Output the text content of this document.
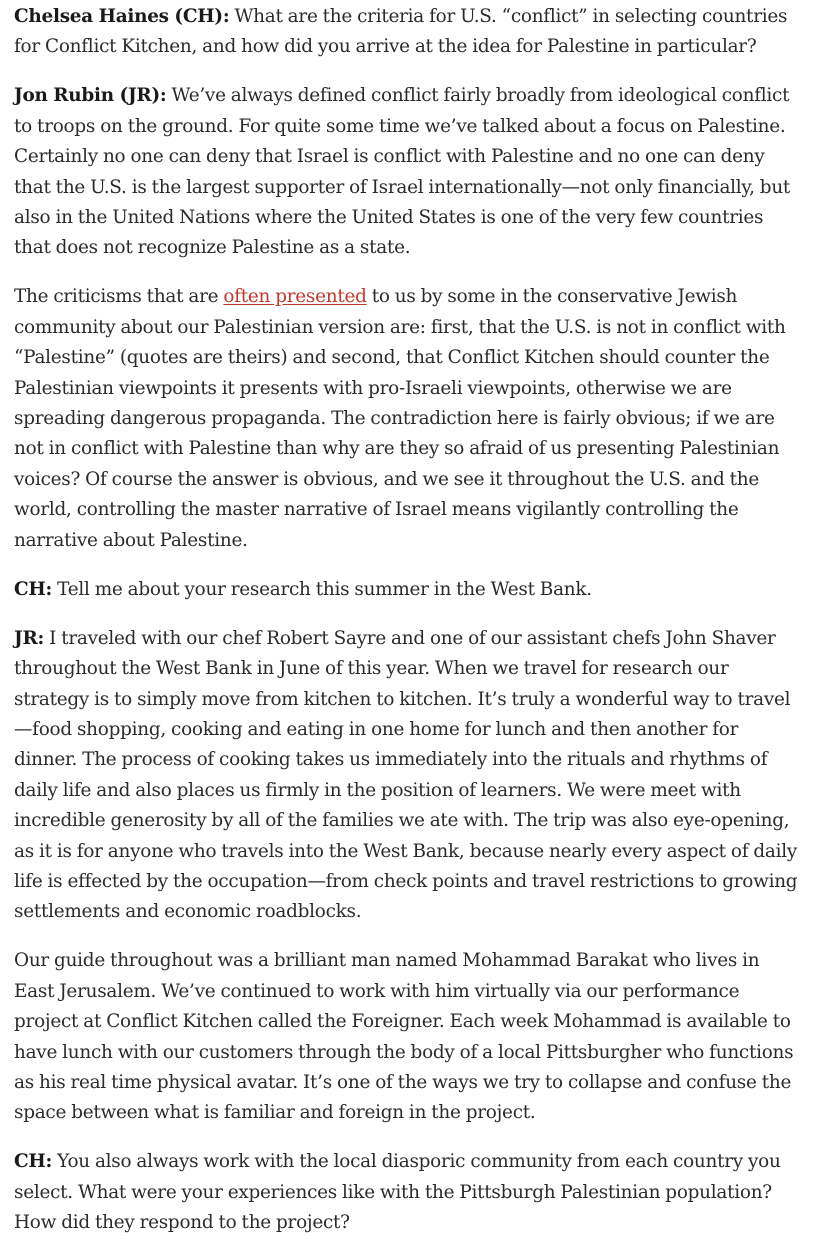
Chelsea Haines (CH): What are the criteria for U.S. “conflict” in selecting countries for Conflict Kitchen, and how did you arrive at the idea for Palestine in particular?

Jon Rubin (JR): We’ve always defined conflict fairly broadly from ideological conflict to troops on the ground. For quite some time we’ve talked about a focus on Palestine. Certainly no one can deny that Israel is conflict with Palestine and no one can deny that the U.S. is the largest supporter of Israel internationally—not only financially, but also in the United Nations where the United States is one of the very few countries that does not recognize Palestine as a state.

The criticisms that are often presented to us by some in the conservative Jewish community about our Palestinian version are: first, that the U.S. is not in conflict with “Palestine” (quotes are theirs) and second, that Conflict Kitchen should counter the Palestinian viewpoints it presents with pro-Israeli viewpoints, otherwise we are spreading dangerous propaganda. The contradiction here is fairly obvious; if we are not in conflict with Palestine than why are they so afraid of us presenting Palestinian voices? Of course the answer is obvious, and we see it throughout the U.S. and the world, controlling the master narrative of Israel means vigilantly controlling the narrative about Palestine.

CH: Tell me about your research this summer in the West Bank.

JR: I traveled with our chef Robert Sayre and one of our assistant chefs John Shaver throughout the West Bank in June of this year. When we travel for research our strategy is to simply move from kitchen to kitchen. It’s truly a wonderful way to travel—food shopping, cooking and eating in one home for lunch and then another for dinner. The process of cooking takes us immediately into the rituals and rhythms of daily life and also places us firmly in the position of learners. We were meet with incredible generosity by all of the families we ate with. The trip was also eye-opening, as it is for anyone who travels into the West Bank, because nearly every aspect of daily life is effected by the occupation—from check points and travel restrictions to growing settlements and economic roadblocks.

Our guide throughout was a brilliant man named Mohammad Barakat who lives in East Jerusalem. We’ve continued to work with him virtually via our performance project at Conflict Kitchen called the Foreigner. Each week Mohammad is available to have lunch with our customers through the body of a local Pittsburgher who functions as his real time physical avatar. It’s one of the ways we try to collapse and confuse the space between what is familiar and foreign in the project.

CH: You also always work with the local diasporic community from each country you select. What were your experiences like with the Pittsburgh Palestinian population? How did they respond to the project?
